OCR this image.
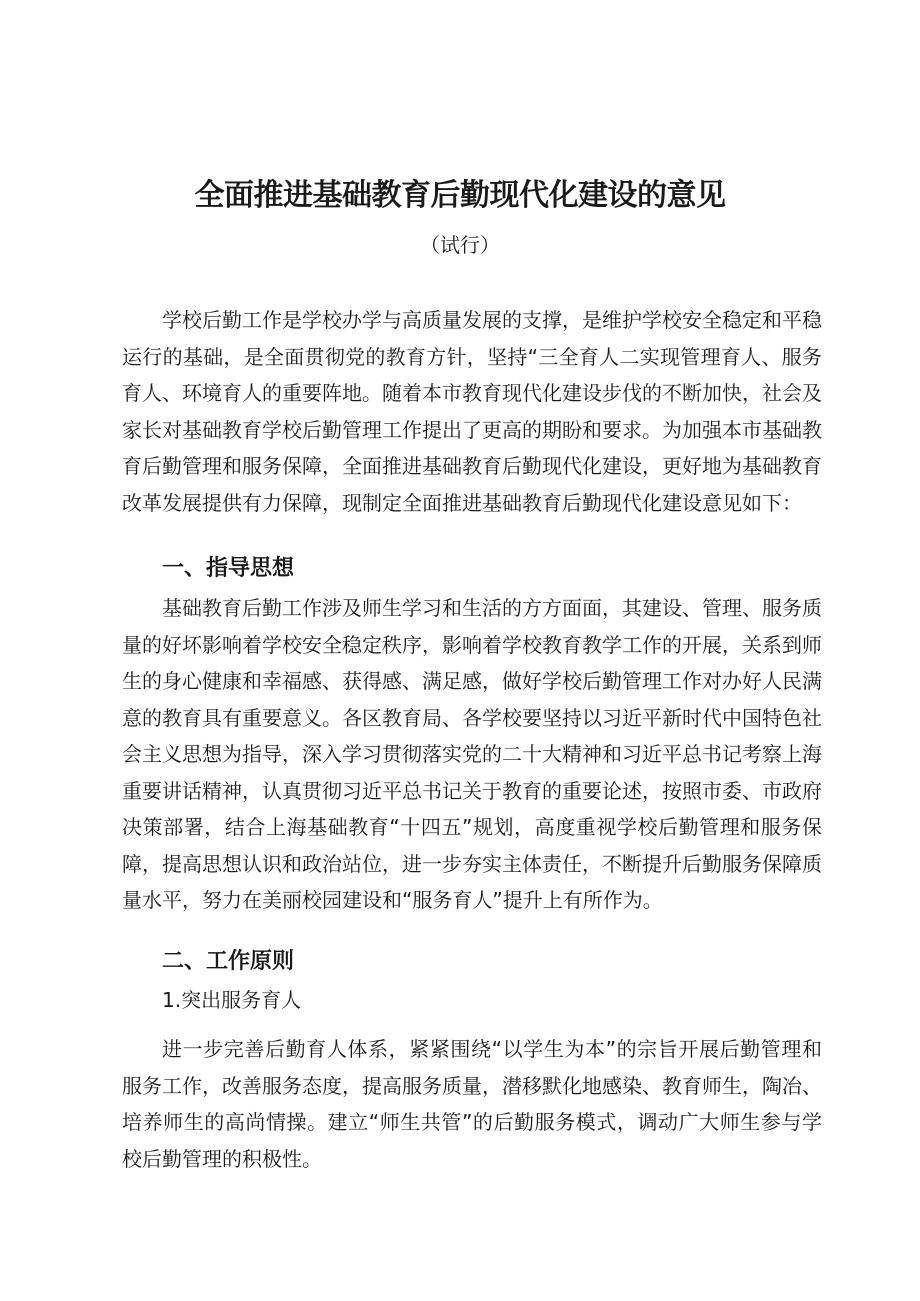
全面推进基础教育后勤现代化建设的意见
（试行）

学校后勤工作是学校办学与高质量发展的支撑，是维护学校安全稳定和平稳运行的基础，是全面贯彻党的教育方针，坚持“三全育人二实现管理育人、服务育人、环境育人的重要阵地。随着本市教育现代化建设步伐的不断加快，社会及家长对基础教育学校后勤管理工作提出了更高的期盼和要求。为加强本市基础教育后勤管理和服务保障，全面推进基础教育后勤现代化建设，更好地为基础教育改革发展提供有力保障，现制定全面推进基础教育后勤现代化建设意见如下：

一、指导思想

基础教育后勤工作涉及师生学习和生活的方方面面，其建设、管理、服务质量的好坏影响着学校安全稳定秩序，影响着学校教育教学工作的开展，关系到师生的身心健康和幸福感、获得感、满足感，做好学校后勤管理工作对办好人民满意的教育具有重要意义。各区教育局、各学校要坚持以习近平新时代中国特色社会主义思想为指导，深入学习贯彻落实党的二十大精神和习近平总书记考察上海重要讲话精神，认真贯彻习近平总书记关于教育的重要论述，按照市委、市政府决策部署，结合上海基础教育“十四五”规划，高度重视学校后勤管理和服务保障，提高思想认识和政治站位，进一步夯实主体责任，不断提升后勤服务保障质量水平，努力在美丽校园建设和“服务育人”提升上有所作为。

二、工作原则
1.突出服务育人

进一步完善后勤育人体系，紧紧围绕“以学生为本”的宗旨开展后勤管理和服务工作，改善服务态度，提高服务质量，潜移默化地感染、教育师生，陶冶、培养师生的高尚情操。建立“师生共管”的后勤服务模式，调动广大师生参与学校后勤管理的积极性。
